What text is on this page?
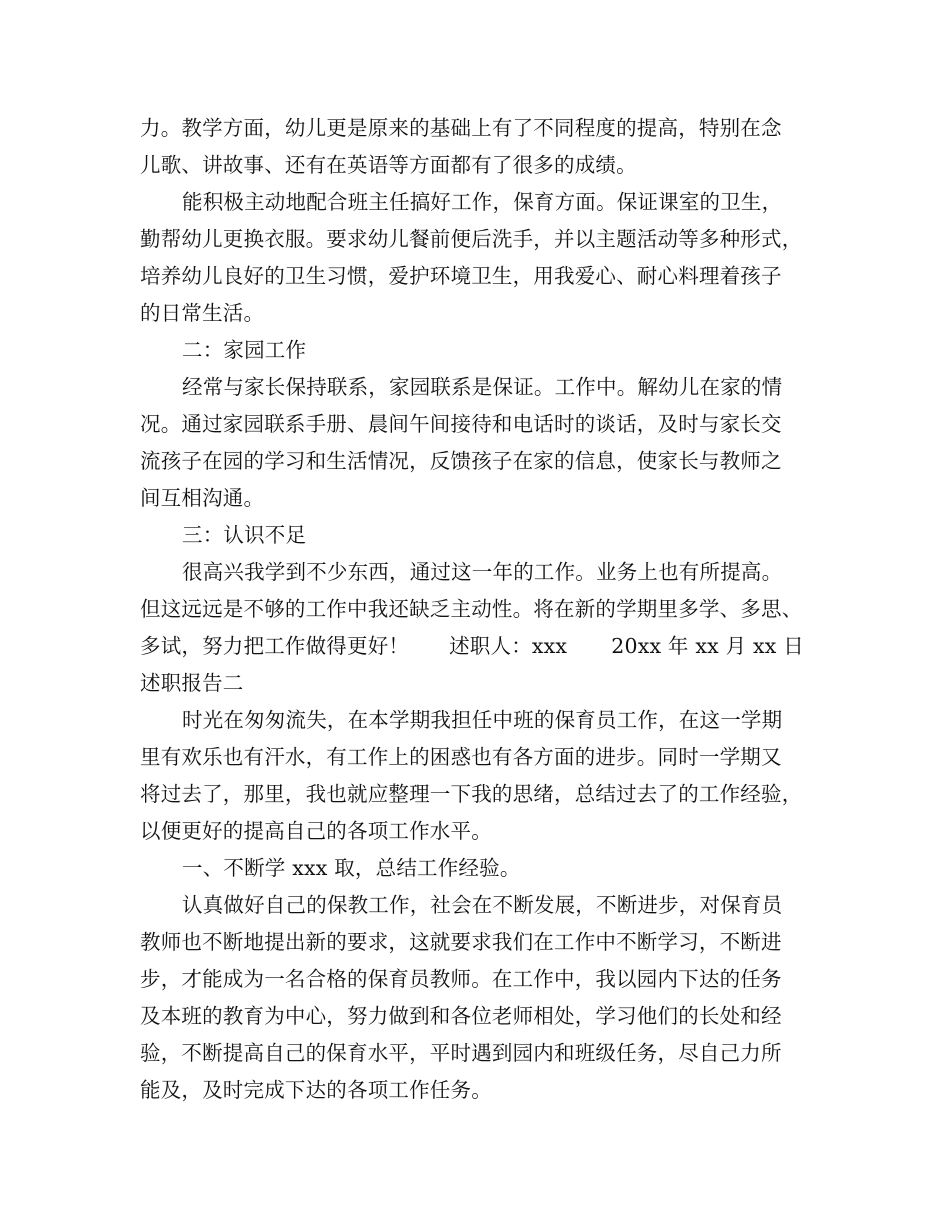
力。教学方面，幼儿更是原来的基础上有了不同程度的提高，特别在念
儿歌、讲故事、还有在英语等方面都有了很多的成绩。
能积极主动地配合班主任搞好工作，保育方面。保证课室的卫生，
勤帮幼儿更换衣服。要求幼儿餐前便后洗手，并以主题活动等多种形式，
培养幼儿良好的卫生习惯，爱护环境卫生，用我爱心、耐心料理着孩子
的日常生活。
二：家园工作
经常与家长保持联系，家园联系是保证。工作中。解幼儿在家的情
况。通过家园联系手册、晨间午间接待和电话时的谈话，及时与家长交
流孩子在园的学习和生活情况，反馈孩子在家的信息，使家长与教师之
间互相沟通。
三：认识不足
很高兴我学到不少东西，通过这一年的工作。业务上也有所提高。
但这远远是不够的工作中我还缺乏主动性。将在新的学期里多学、多思、
多试，努力把工作做得更好！ 述职人：xxx 20xx 年 xx 月 xx 日
述职报告二
时光在匆匆流失，在本学期我担任中班的保育员工作，在这一学期
里有欢乐也有汗水，有工作上的困惑也有各方面的进步。同时一学期又
将过去了，那里，我也就应整理一下我的思绪，总结过去了的工作经验，
以便更好的提高自己的各项工作水平。
一、不断学 xxx 取，总结工作经验。
认真做好自己的保教工作，社会在不断发展，不断进步，对保育员
教师也不断地提出新的要求，这就要求我们在工作中不断学习，不断进
步，才能成为一名合格的保育员教师。在工作中，我以园内下达的任务
及本班的教育为中心，努力做到和各位老师相处，学习他们的长处和经
验，不断提高自己的保育水平，平时遇到园内和班级任务，尽自己力所
能及，及时完成下达的各项工作任务。
